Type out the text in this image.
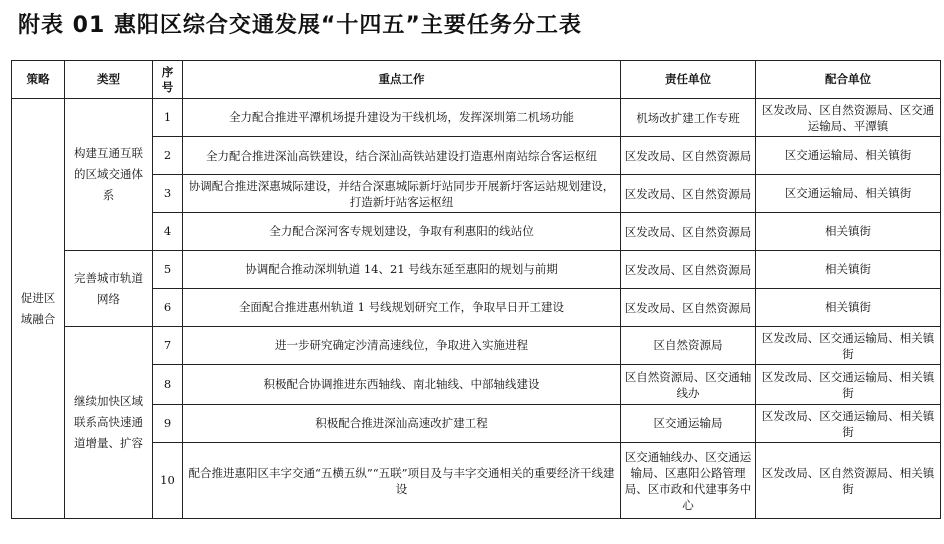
附表 01 惠阳区综合交通发展“十四五”主要任务分工表
策略	类型	序号	重点工作	责任单位	配合单位

促进区域融合	构建互通互联的区域交通体系	1	全力配合推进平潭机场提升建设为干线机场，发挥深圳第二机场功能	机场改扩建工作专班	区发改局、区自然资源局、区交通运输局、平潭镇
		2	全力配合推进深汕高铁建设，结合深汕高铁站建设打造惠州南站综合客运枢纽	区发改局、区自然资源局	区交通运输局、相关镇街
		3	协调配合推进深惠城际建设，并结合深惠城际新圩站同步开展新圩客运站规划建设，打造新圩站客运枢纽	区发改局、区自然资源局	区交通运输局、相关镇街
		4	全力配合深河客专规划建设，争取有利惠阳的线站位	区发改局、区自然资源局	相关镇街

	完善城市轨道网络	5	协调配合推动深圳轨道 14、21 号线东延至惠阳的规划与前期	区发改局、区自然资源局	相关镇街
		6	全面配合推进惠州轨道 1 号线规划研究工作，争取早日开工建设	区发改局、区自然资源局	相关镇街

	继续加快区域联系高快速通道增量、扩容	7	进一步研究确定沙清高速线位，争取进入实施进程	区自然资源局	区发改局、区交通运输局、相关镇街
		8	积极配合协调推进东西轴线、南北轴线、中部轴线建设	区自然资源局、区交通轴线办	区发改局、区交通运输局、相关镇街
		9	积极配合推进深汕高速改扩建工程	区交通运输局	区发改局、区交通运输局、相关镇街
		10	配合推进惠阳区丰字交通“五横五纵”“五联”项目及与丰字交通相关的重要经济干线建设	区交通轴线办、区交通运输局、区惠阳公路管理局、区市政和代建事务中心	区发改局、区自然资源局、相关镇街
